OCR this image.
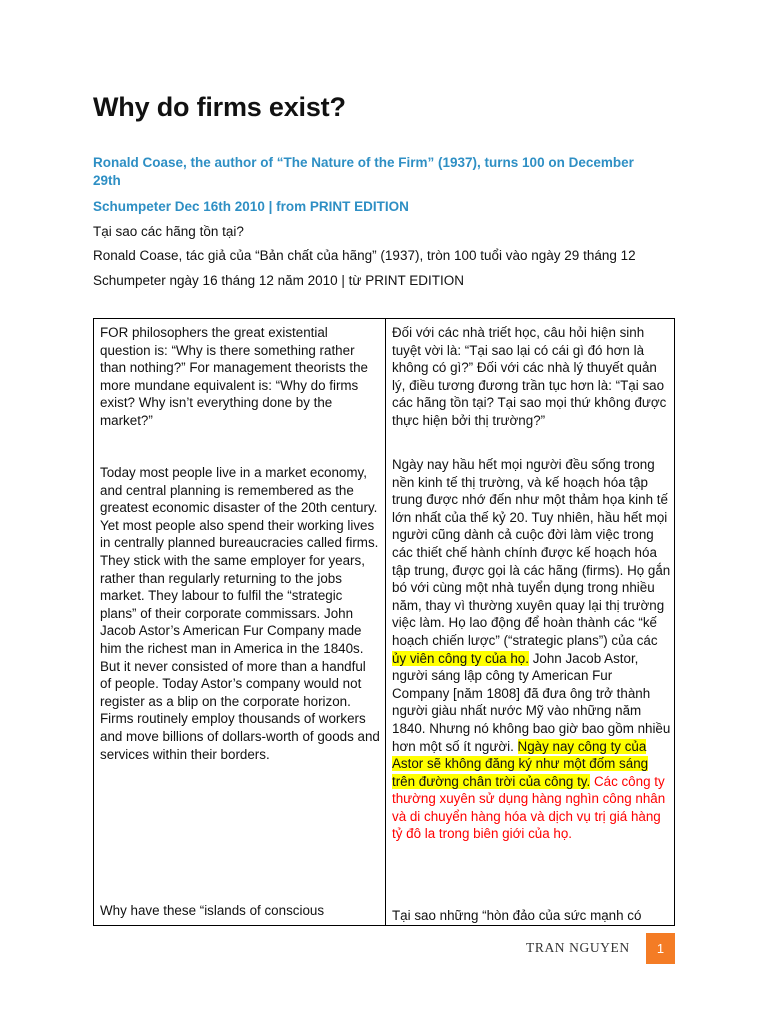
Why do firms exist?

Ronald Coase, the author of “The Nature of the Firm” (1937), turns 100 on December 29th

Schumpeter Dec 16th 2010 | from PRINT EDITION

Tại sao các hãng tồn tại?

Ronald Coase, tác giả của “Bản chất của hãng” (1937), tròn 100 tuổi vào ngày 29 tháng 12

Schumpeter ngày 16 tháng 12 năm 2010 | từ PRINT EDITION

FOR philosophers the great existential question is: “Why is there something rather than nothing?” For management theorists the more mundane equivalent is: “Why do firms exist? Why isn’t everything done by the market?”

Today most people live in a market economy, and central planning is remembered as the greatest economic disaster of the 20th century. Yet most people also spend their working lives in centrally planned bureaucracies called firms. They stick with the same employer for years, rather than regularly returning to the jobs market. They labour to fulfil the “strategic plans” of their corporate commissars. John Jacob Astor’s American Fur Company made him the richest man in America in the 1840s. But it never consisted of more than a handful of people. Today Astor’s company would not register as a blip on the corporate horizon. Firms routinely employ thousands of workers and move billions of dollars-worth of goods and services within their borders.

Why have these “islands of conscious

Đối với các nhà triết học, câu hỏi hiện sinh tuyệt vời là: “Tại sao lại có cái gì đó hơn là không có gì?” Đối với các nhà lý thuyết quản lý, điều tương đương trần tục hơn là: “Tại sao các hãng tồn tại? Tại sao mọi thứ không được thực hiện bởi thị trường?”

Ngày nay hầu hết mọi người đều sống trong nền kinh tế thị trường, và kế hoạch hóa tập trung được nhớ đến như một thảm họa kinh tế lớn nhất của thế kỷ 20. Tuy nhiên, hầu hết mọi người cũng dành cả cuộc đời làm việc trong các thiết chế hành chính được kế hoạch hóa tập trung, được gọi là các hãng (firms). Họ gắn bó với cùng một nhà tuyển dụng trong nhiều năm, thay vì thường xuyên quay lại thị trường việc làm. Họ lao động để hoàn thành các “kế hoạch chiến lược” (“strategic plans”) của các ủy viên công ty của họ. John Jacob Astor, người sáng lập công ty American Fur Company [năm 1808] đã đưa ông trở thành người giàu nhất nước Mỹ vào những năm 1840. Nhưng nó không bao giờ bao gồm nhiều hơn một số ít người. Ngày nay công ty của Astor sẽ không đăng ký như một đốm sáng trên đường chân trời của công ty. Các công ty thường xuyên sử dụng hàng nghìn công nhân và di chuyển hàng hóa và dịch vụ trị giá hàng tỷ đô la trong biên giới của họ.

Tại sao những “hòn đảo của sức mạnh có

TRAN NGUYEN	1
